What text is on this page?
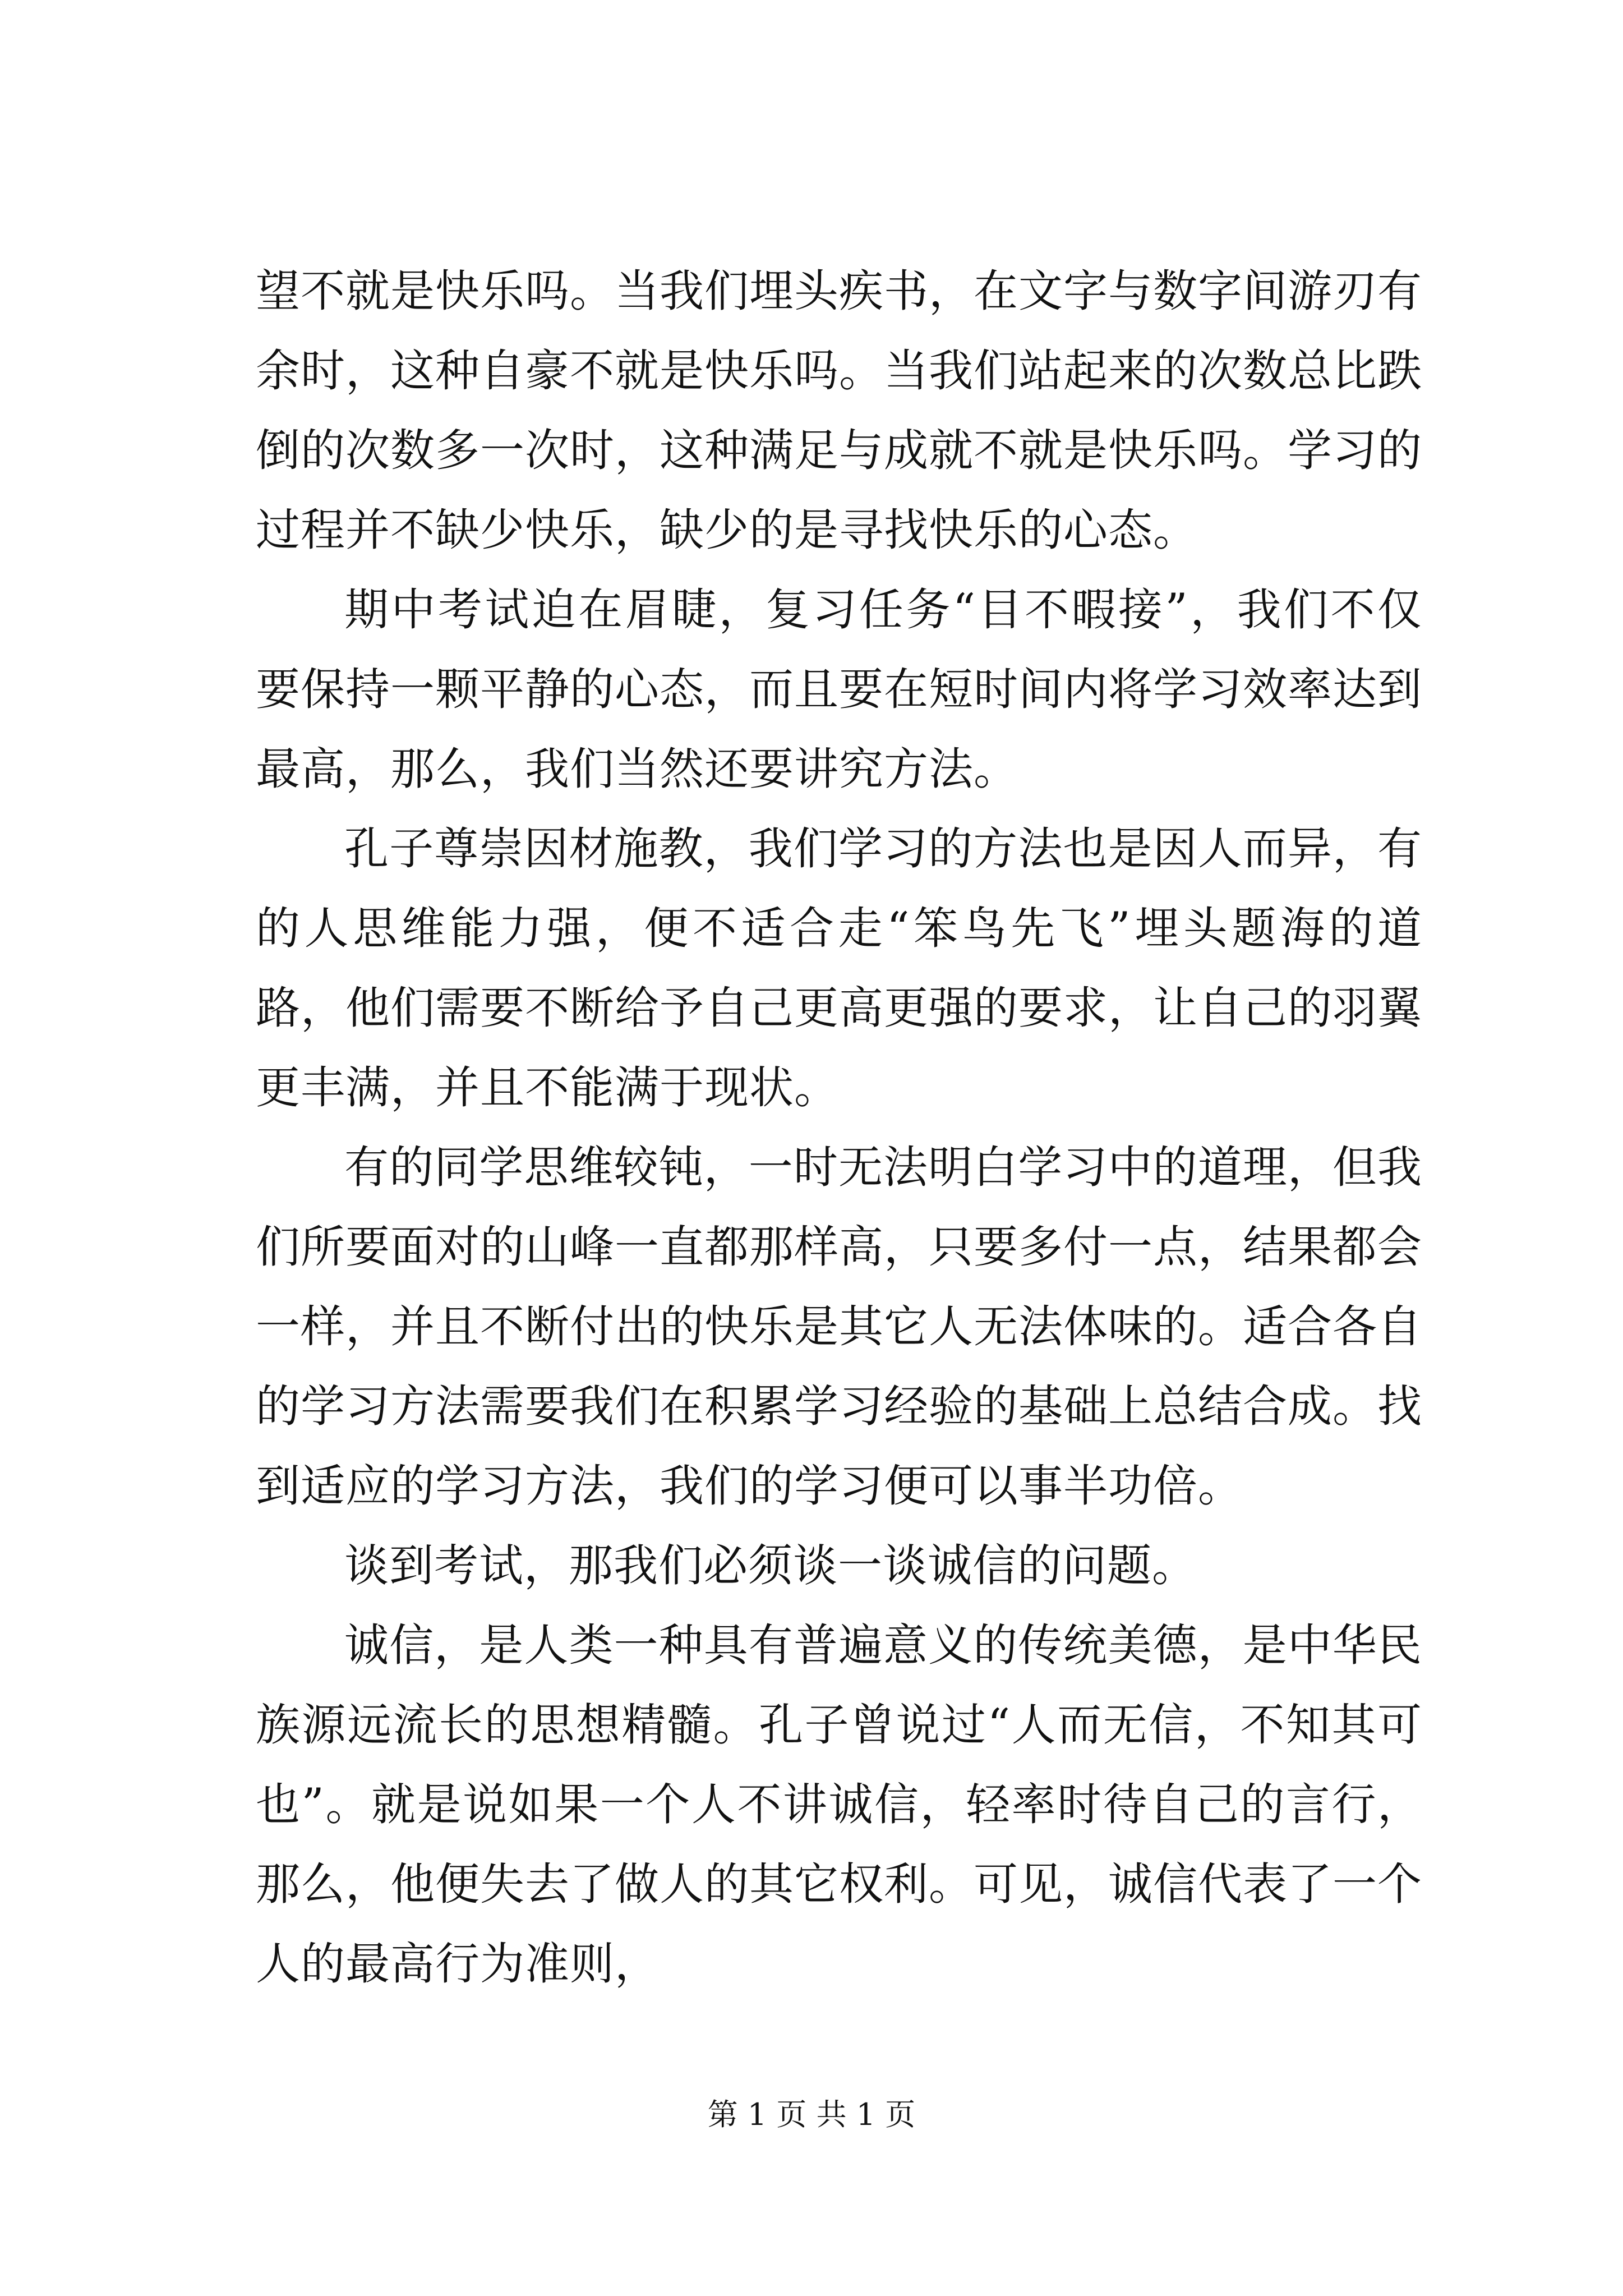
望不就是快乐吗。当我们埋头疾书，在文字与数字间游刃有余时，这种自豪不就是快乐吗。当我们站起来的次数总比跌倒的次数多一次时，这种满足与成就不就是快乐吗。学习的过程并不缺少快乐，缺少的是寻找快乐的心态。

期中考试迫在眉睫，复习任务“目不暇接”，我们不仅要保持一颗平静的心态，而且要在短时间内将学习效率达到最高，那么，我们当然还要讲究方法。

孔子尊崇因材施教，我们学习的方法也是因人而异，有的人思维能力强，便不适合走“笨鸟先飞”埋头题海的道路，他们需要不断给予自己更高更强的要求，让自己的羽翼更丰满，并且不能满于现状。

有的同学思维较钝，一时无法明白学习中的道理，但我们所要面对的山峰一直都那样高，只要多付一点，结果都会一样，并且不断付出的快乐是其它人无法体味的。适合各自的学习方法需要我们在积累学习经验的基础上总结合成。找到适应的学习方法，我们的学习便可以事半功倍。

谈到考试，那我们必须谈一谈诚信的问题。

诚信，是人类一种具有普遍意义的传统美德，是中华民族源远流长的思想精髓。孔子曾说过“人而无信，不知其可也”。就是说如果一个人不讲诚信，轻率时待自己的言行，那么，他便失去了做人的其它权利。可见，诚信代表了一个人的最高行为准则，

第 1 页 共 1 页
